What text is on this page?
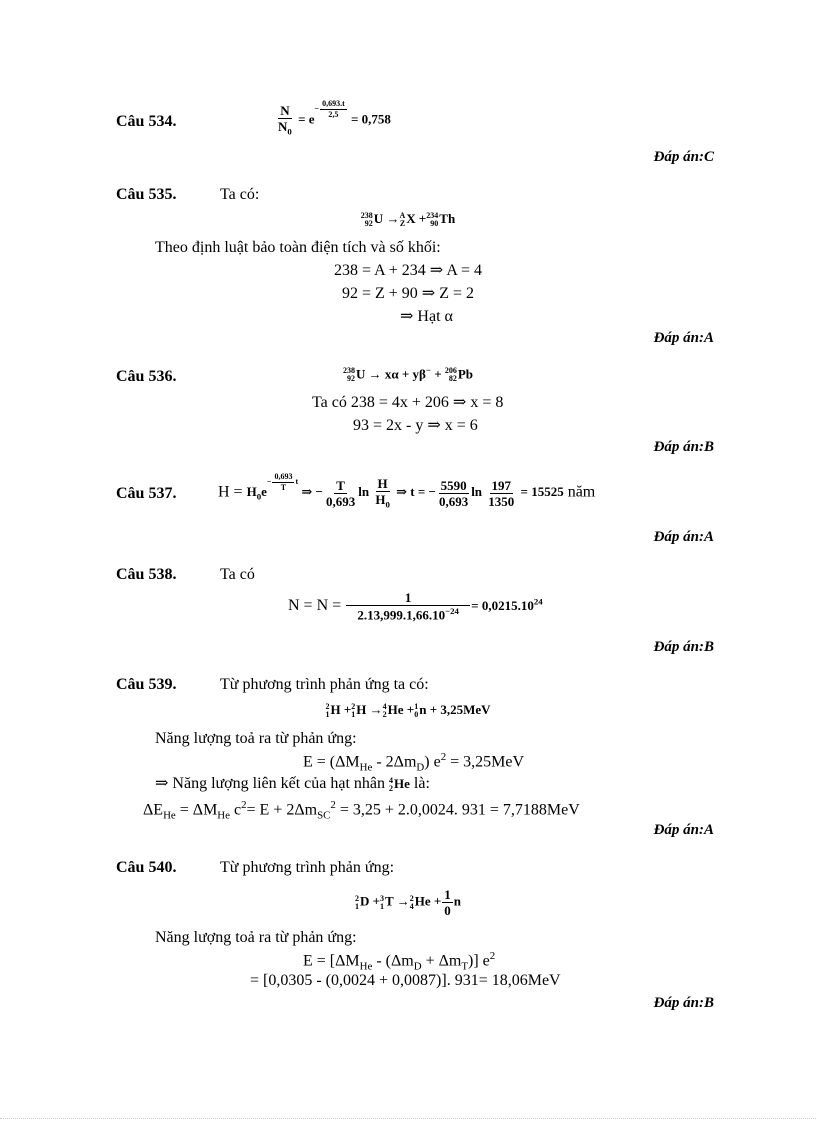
Câu 534.	$\frac{N}{N_0} = e^{- \frac{0,693.t}{2,5}} = 0,758$
Đáp án:C
Câu 535.	Ta có:
238
92 U → A
Z X + 234
90 Th
Theo định luật bảo toàn điện tích và số khối:
238 = A + 234 ⇒ A = 4
92 = Z + 90 ⇒ Z = 2
⇒ Hạt α
Đáp án:A
Câu 536.	238
92 U → xα + yβ− + 206
82 Pb
Ta có 238 = 4x + 206 ⇒ x = 8
93 = 2x - y ⇒ x = 6
Đáp án:B
Câu 537.	$H = H_0e^{- \frac{0,693}{T} t}$ ⇒ − $\frac{T}{0,693}$ $\ln \frac{H}{H_0}$ ⇒ t = − $\frac{5590}{0,693}$ $\ln \frac{197}{1350} = 15525$ năm
Đáp án:A
Câu 538.	Ta có
$N = N = \frac{1}{2.13,999.1,66.10^{-24}} = 0,0215.10^{24}$
Đáp án:B
Câu 539.	Từ phương trình phản ứng ta có:
2
1 H + 2
1 H → 4
2 He + 1
0 n + 3,25MeV
Năng lượng toả ra từ phản ứng:
$E = (\Delta M_{He} - 2\Delta m_D) e^2 = 3,25MeV$
⇒ Năng lượng liên kết của hạt nhân 4
2 He là:
$\Delta E_{He} = \Delta M_{He}$ $c^2= E + 2\Delta m_{SC}^2 = 3,25 + 2.0,0024$. 931 = 7,7188MeV
Đáp án:A
Câu 540.	Từ phương trình phản ứng:
2
1 D + 3
1 T → 2
4 $He + \frac{1}{0}$ n
Năng lượng toả ra từ phản ứng:
$E = [\Delta M_{He} - (\Delta m_D + \Delta m_T)]$ $e^2$
= [0,0305 - (0,0024 + 0,0087)]. 931= 18,06MeV
Đáp án:B
